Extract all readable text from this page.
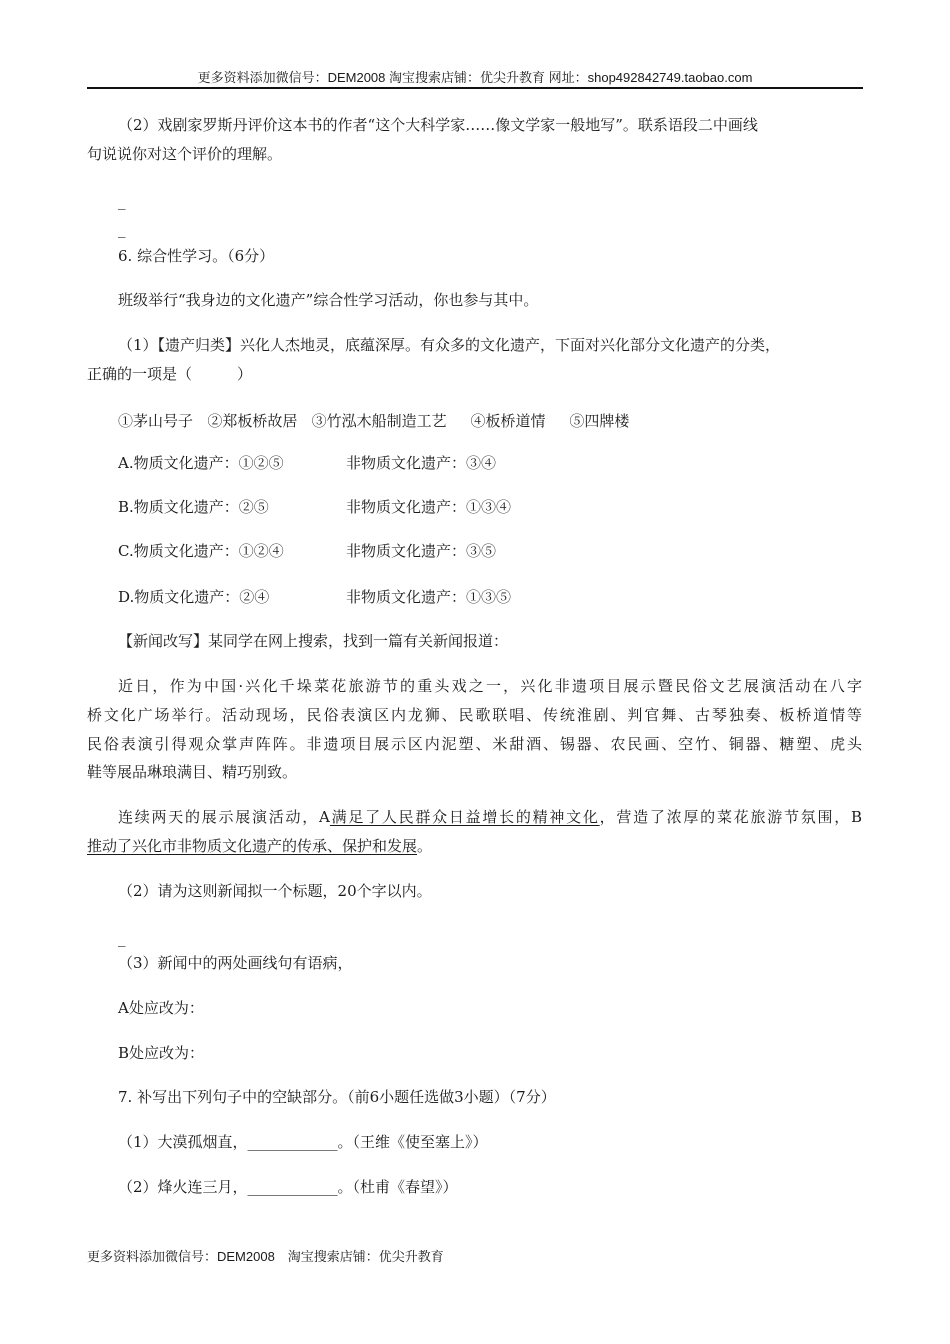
更多资料添加微信号：DEM2008 淘宝搜索店铺：优尖升教育 网址：shop492842749.taobao.com
（2）戏剧家罗斯丹评价这本书的作者“这个大科学家……像文学家一般地写”。联系语段二中画线
句说说你对这个评价的理解。
_
_
6. 综合性学习。（6分）
班级举行“我身边的文化遗产”综合性学习活动，你也参与其中。
（1）【遗产归类】兴化人杰地灵，底蕴深厚。有众多的文化遗产，下面对兴化部分文化遗产的分类，
正确的一项是（　　　）
①茅山号子 ②郑板桥故居 ③竹泓木船制造工艺 ④板桥道情 ⑤四牌楼
A.物质文化遗产：①②⑤	非物质文化遗产：③④
B.物质文化遗产：②⑤	非物质文化遗产：①③④
C.物质文化遗产：①②④	非物质文化遗产：③⑤
D.物质文化遗产：②④	非物质文化遗产：①③⑤
【新闻改写】某同学在网上搜索，找到一篇有关新闻报道：
近日，作为中国·兴化千垛菜花旅游节的重头戏之一，兴化非遗项目展示暨民俗文艺展演活动在八字
桥文化广场举行。活动现场，民俗表演区内龙狮、民歌联唱、传统淮剧、判官舞、古琴独奏、板桥道情等
民俗表演引得观众掌声阵阵。非遗项目展示区内泥塑、米甜酒、锡器、农民画、空竹、铜器、糖塑、虎头
鞋等展品琳琅满目、精巧别致。
连续两天的展示展演活动，A满足了人民群众日益增长的精神文化，营造了浓厚的菜花旅游节氛围，B
推动了兴化市非物质文化遗产的传承、保护和发展。
（2）请为这则新闻拟一个标题，20个字以内。
_
（3）新闻中的两处画线句有语病，
A处应改为：
B处应改为：
7. 补写出下列句子中的空缺部分。（前6小题任选做3小题）（7分）
（1）大漠孤烟直，____________。（王维《使至塞上》）
（2）烽火连三月，____________。（杜甫《春望》）
更多资料添加微信号：DEM2008　淘宝搜索店铺：优尖升教育
